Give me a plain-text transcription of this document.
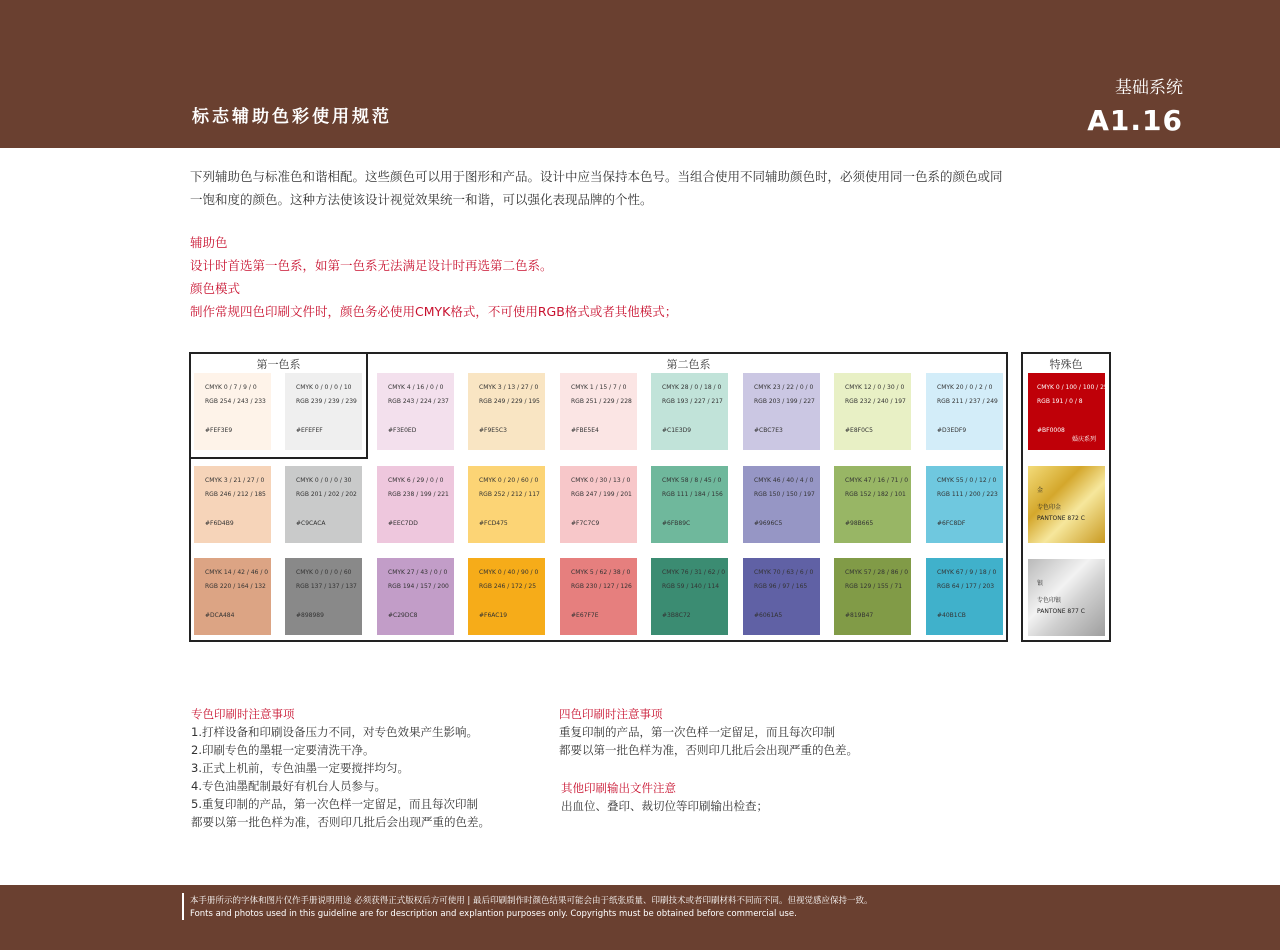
标志辅助色彩使用规范
基础系统
A1.16
下列辅助色与标准色和谐相配。这些颜色可以用于图形和产品。设计中应当保持本色号。当组合使用不同辅助颜色时，必须使用同一色系的颜色或同
一饱和度的颜色。这种方法使该设计视觉效果统一和谐，可以强化表现品牌的个性。
辅助色
设计时首选第一色系，如第一色系无法满足设计时再选第二色系。
颜色模式
制作常规四色印刷文件时，颜色务必使用CMYK格式，不可使用RGB格式或者其他模式；
第一色系	第二色系
CMYK 0 / 7 / 9 / 0
RGB 254 / 243 / 233
#FEF3E9
CMYK 0 / 0 / 0 / 10
RGB 239 / 239 / 239
#EFEFEF
CMYK 4 / 16 / 0 / 0
RGB 243 / 224 / 237
#F3E0ED
CMYK 3 / 13 / 27 / 0
RGB 249 / 229 / 195
#F9E5C3
CMYK 1 / 15 / 7 / 0
RGB 251 / 229 / 228
#FBE5E4
CMYK 28 / 0 / 18 / 0
RGB 193 / 227 / 217
#C1E3D9
CMYK 23 / 22 / 0 / 0
RGB 203 / 199 / 227
#CBC7E3
CMYK 12 / 0 / 30 / 0
RGB 232 / 240 / 197
#E8F0C5
CMYK 20 / 0 / 2 / 0
RGB 211 / 237 / 249
#D3EDF9
CMYK 3 / 21 / 27 / 0
RGB 246 / 212 / 185
#F6D4B9
CMYK 0 / 0 / 0 / 30
RGB 201 / 202 / 202
#C9CACA
CMYK 6 / 29 / 0 / 0
RGB 238 / 199 / 221
#EEC7DD
CMYK 0 / 20 / 60 / 0
RGB 252 / 212 / 117
#FCD475
CMYK 0 / 30 / 13 / 0
RGB 247 / 199 / 201
#F7C7C9
CMYK 58 / 8 / 45 / 0
RGB 111 / 184 / 156
#6FB89C
CMYK 46 / 40 / 4 / 0
RGB 150 / 150 / 197
#9696C5
CMYK 47 / 16 / 71 / 0
RGB 152 / 182 / 101
#98B665
CMYK 55 / 0 / 12 / 0
RGB 111 / 200 / 223
#6FC8DF
CMYK 14 / 42 / 46 / 0
RGB 220 / 164 / 132
#DCA484
CMYK 0 / 0 / 0 / 60
RGB 137 / 137 / 137
#898989
CMYK 27 / 43 / 0 / 0
RGB 194 / 157 / 200
#C29DC8
CMYK 0 / 40 / 90 / 0
RGB 246 / 172 / 25
#F6AC19
CMYK 5 / 62 / 38 / 0
RGB 230 / 127 / 126
#E67F7E
CMYK 76 / 31 / 62 / 0
RGB 59 / 140 / 114
#3B8C72
CMYK 70 / 63 / 6 / 0
RGB 96 / 97 / 165
#6061A5
CMYK 57 / 28 / 86 / 0
RGB 129 / 155 / 71
#819B47
CMYK 67 / 9 / 18 / 0
RGB 64 / 177 / 203
#40B1CB
特殊色
CMYK 0 / 100 / 100 / 25
RGB 191 / 0 / 8
#BF0008
婚庆系列
金
专色印金
PANTONE 872 C
银
专色印银
PANTONE 877 C
专色印刷时注意事项
1.打样设备和印刷设备压力不同，对专色效果产生影响。
2.印刷专色的墨辊一定要清洗干净。
3.正式上机前，专色油墨一定要搅拌均匀。
4.专色油墨配制最好有机台人员参与。
5.重复印制的产品，第一次色样一定留足，而且每次印制
都要以第一批色样为准，否则印几批后会出现严重的色差。
四色印刷时注意事项
重复印制的产品，第一次色样一定留足，而且每次印制
都要以第一批色样为准，否则印几批后会出现严重的色差。
其他印刷输出文件注意
出血位、叠印、裁切位等印刷输出检查；
本手册所示的字体和图片仅作手册说明用途 必须获得正式版权后方可使用 | 最后印刷制作时颜色结果可能会由于纸张质量、印刷技术或者印刷材料不同而不同。但视觉感应保持一致。
Fonts and photos used in this guideline are for description and explantion purposes only. Copyrights must be obtained before commercial use.
